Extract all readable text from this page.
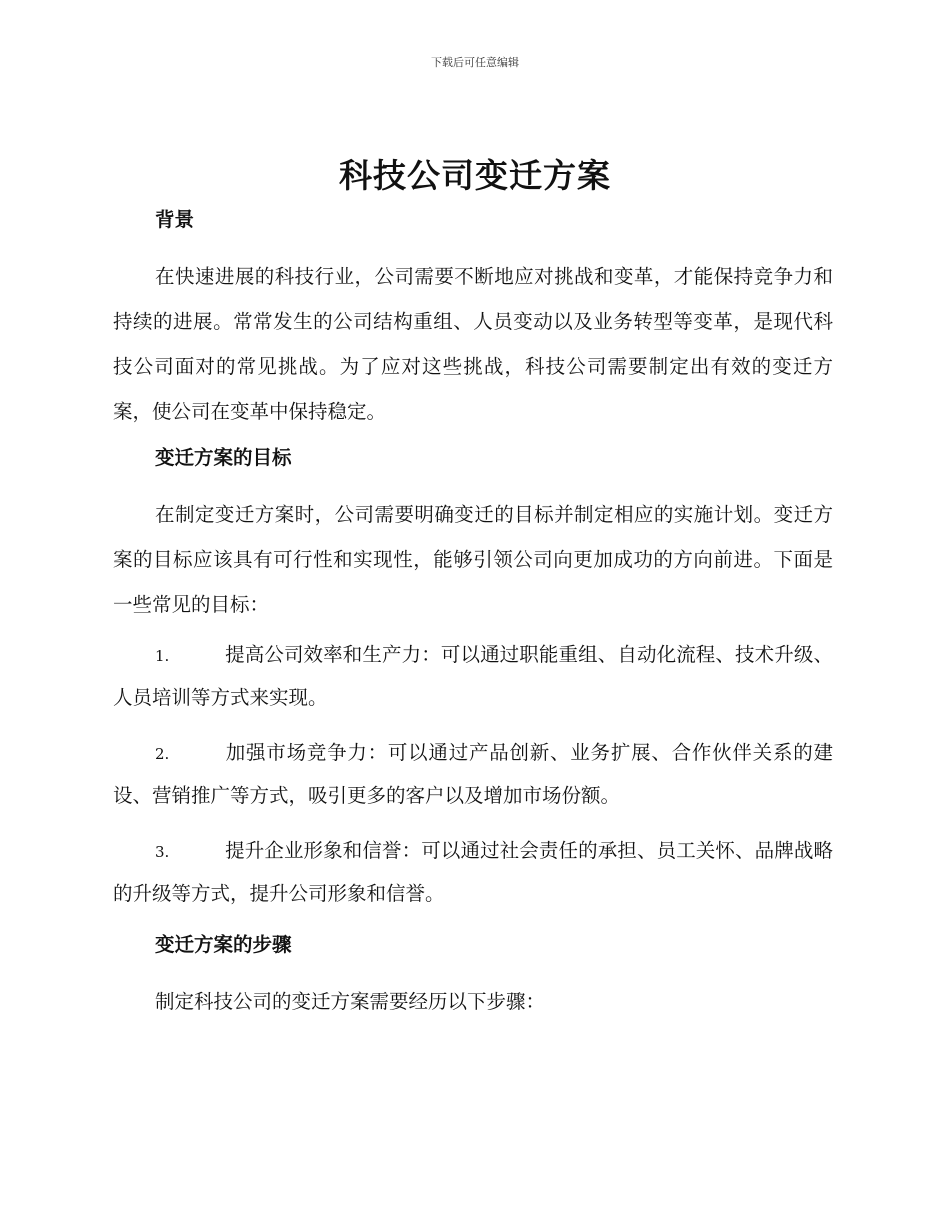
下载后可任意编辑
科技公司变迁方案
背景

在快速进展的科技行业，公司需要不断地应对挑战和变革，才能保持竞争力和持续的进展。常常发生的公司结构重组、人员变动以及业务转型等变革，是现代科技公司面对的常见挑战。为了应对这些挑战，科技公司需要制定出有效的变迁方案，使公司在变革中保持稳定。

变迁方案的目标

在制定变迁方案时，公司需要明确变迁的目标并制定相应的实施计划。变迁方案的目标应该具有可行性和实现性，能够引领公司向更加成功的方向前进。下面是一些常见的目标：

1.	提高公司效率和生产力：可以通过职能重组、自动化流程、技术升级、人员培训等方式来实现。
2.	加强市场竞争力：可以通过产品创新、业务扩展、合作伙伴关系的建设、营销推广等方式，吸引更多的客户以及增加市场份额。
3.	提升企业形象和信誉：可以通过社会责任的承担、员工关怀、品牌战略的升级等方式，提升公司形象和信誉。
变迁方案的步骤

制定科技公司的变迁方案需要经历以下步骤：
